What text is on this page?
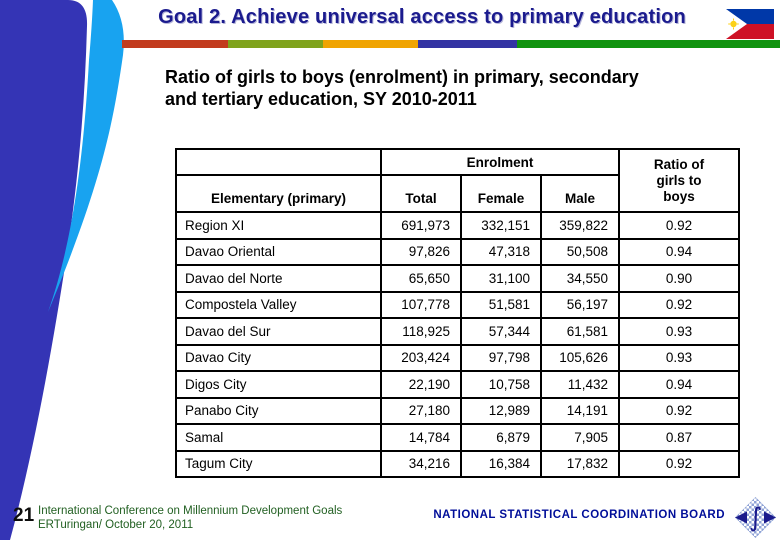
Goal 2. Achieve universal access to primary education
Ratio of girls to boys (enrolment) in primary, secondary
and tertiary education, SY 2010-2011
	Enrolment			Ratio of girls to boys
Elementary (primary)	Total	Female	Male	
Region XI	691,973	332,151	359,822	0.92
Davao Oriental	97,826	47,318	50,508	0.94
Davao del Norte	65,650	31,100	34,550	0.90
Compostela Valley	107,778	51,581	56,197	0.92
Davao del Sur	118,925	57,344	61,581	0.93
Davao City	203,424	97,798	105,626	0.93
Digos City	22,190	10,758	11,432	0.94
Panabo City	27,180	12,989	14,191	0.92
Samal	14,784	6,879	7,905	0.87
Tagum City	34,216	16,384	17,832	0.92
21 International Conference on Millennium Development Goals
ERTuringan/ October 20, 2011
NATIONAL STATISTICAL COORDINATION BOARD ∫
